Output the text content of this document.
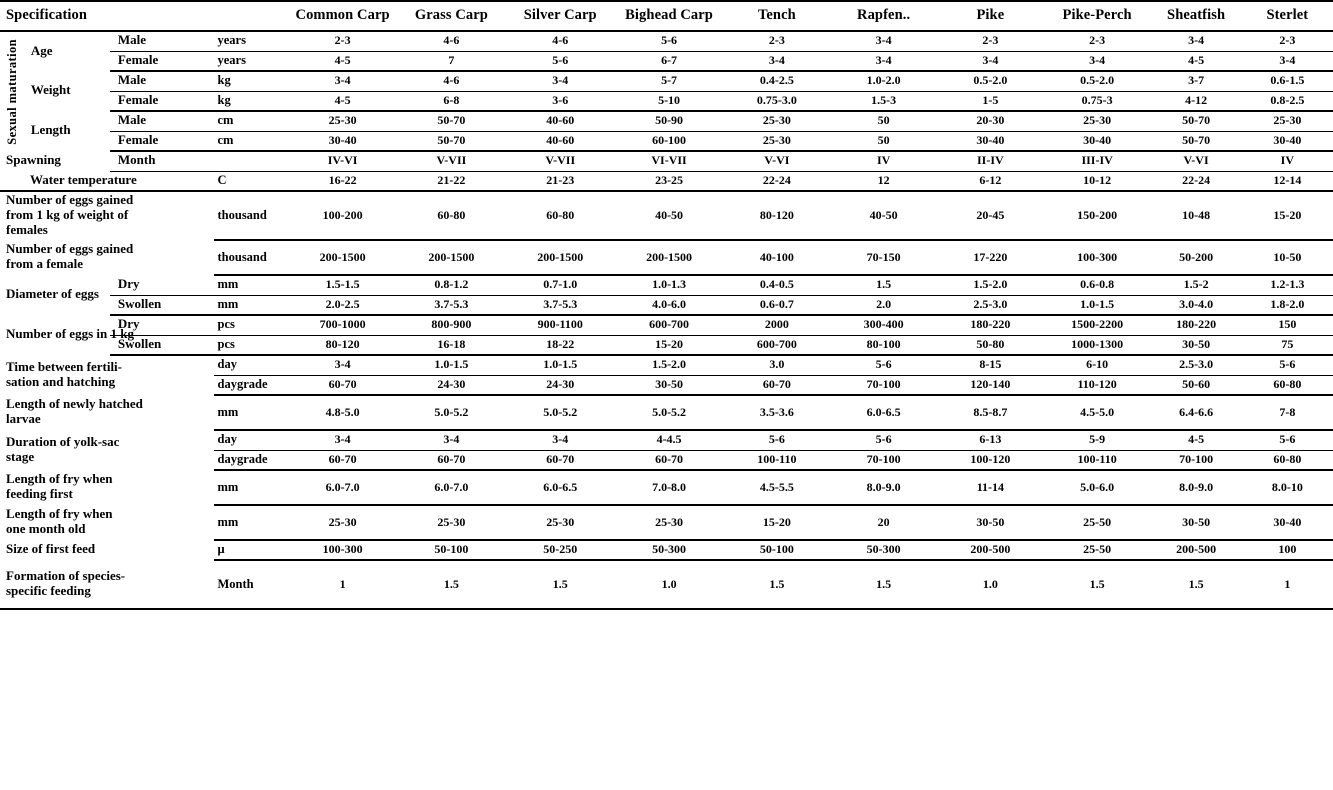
Specification				Common Carp	Grass Carp	Silver Carp	Bighead Carp	Tench	Rapfen..	Pike	Pike-Perch	Sheatfish	Sterlet

Sexual maturation	Age	Male	years	2-3	4-6	4-6	5-6	2-3	3-4	2-3	2-3	3-4	2-3
		Female	years	4-5	7	5-6	6-7	3-4	3-4	3-4	3-4	4-5	3-4
	Weight	Male	kg	3-4	4-6	3-4	5-7	0.4-2.5	1.0-2.0	0.5-2.0	0.5-2.0	3-7	0.6-1.5
		Female	kg	4-5	6-8	3-6	5-10	0.75-3.0	1.5-3	1-5	0.75-3	4-12	0.8-2.5
	Length	Male	cm	25-30	50-70	40-60	50-90	25-30	50	20-30	25-30	50-70	25-30
		Female	cm	30-40	50-70	40-60	60-100	25-30	50	30-40	30-40	50-70	30-40
Spawning		Month		IV-VI	V-VII	V-VII	VI-VII	V-VI	IV	II-IV	III-IV	V-VI	IV
Water temperature			C	16-22	21-22	21-23	23-25	22-24	12	6-12	10-12	22-24	12-14
Number of eggs gained
from 1 kg of weight of
females			thousand	100-200	60-80	60-80	40-50	80-120	40-50	20-45	150-200	10-48	15-20
Number of eggs gained
from a female			thousand	200-1500	200-1500	200-1500	200-1500	40-100	70-150	17-220	100-300	50-200	10-50
Diameter of eggs		Dry	mm	1.5-1.5	0.8-1.2	0.7-1.0	1.0-1.3	0.4-0.5	1.5	1.5-2.0	0.6-0.8	1.5-2	1.2-1.3
		Swollen	mm	2.0-2.5	3.7-5.3	3.7-5.3	4.0-6.0	0.6-0.7	2.0	2.5-3.0	1.0-1.5	3.0-4.0	1.8-2.0
Number of eggs in 1 kg		Dry	pcs	700-1000	800-900	900-1100	600-700	2000	300-400	180-220	1500-2200	180-220	150
		Swollen	pcs	80-120	16-18	18-22	15-20	600-700	80-100	50-80	1000-1300	30-50	75
Time between fertili-
sation and hatching			day	3-4	1.0-1.5	1.0-1.5	1.5-2.0	3.0	5-6	8-15	6-10	2.5-3.0	5-6
			daygrade	60-70	24-30	24-30	30-50	60-70	70-100	120-140	110-120	50-60	60-80
Length of newly hatched
larvae			mm	4.8-5.0	5.0-5.2	5.0-5.2	5.0-5.2	3.5-3.6	6.0-6.5	8.5-8.7	4.5-5.0	6.4-6.6	7-8
Duration of yolk-sac
stage			day	3-4	3-4	3-4	4-4.5	5-6	5-6	6-13	5-9	4-5	5-6
			daygrade	60-70	60-70	60-70	60-70	100-110	70-100	100-120	100-110	70-100	60-80
Length of fry when
feeding first			mm	6.0-7.0	6.0-7.0	6.0-6.5	7.0-8.0	4.5-5.5	8.0-9.0	11-14	5.0-6.0	8.0-9.0	8.0-10
Length of fry when
one month old			mm	25-30	25-30	25-30	25-30	15-20	20	30-50	25-50	30-50	30-40
Size of first feed			μ	100-300	50-100	50-250	50-300	50-100	50-300	200-500	25-50	200-500	100
Formation of species-
specific feeding			Month	1	1.5	1.5	1.0	1.5	1.5	1.0	1.5	1.5	1
